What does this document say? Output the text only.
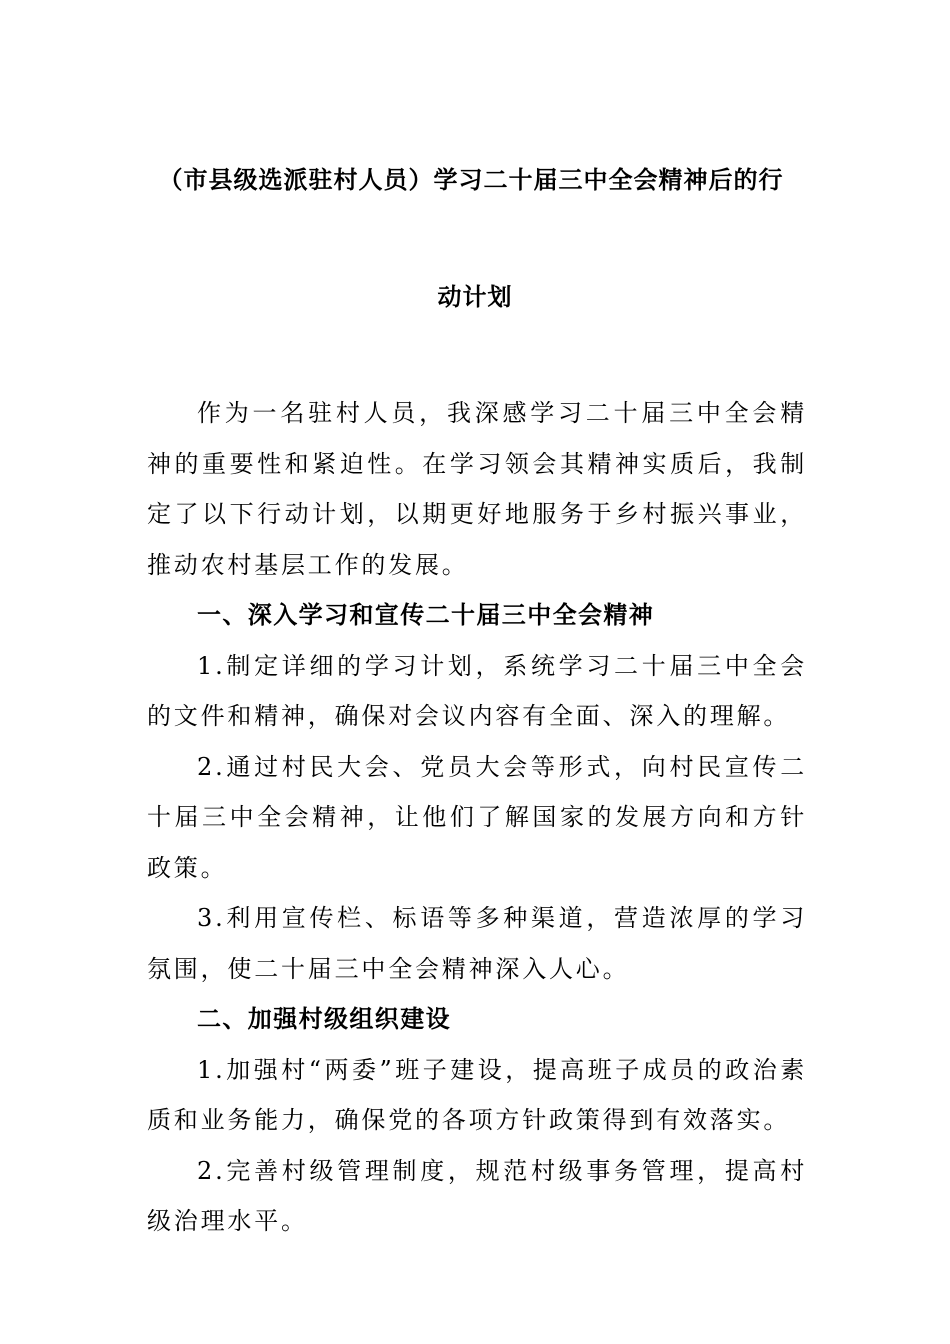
（市县级选派驻村人员）学习二十届三中全会精神后的行
动计划

作为一名驻村人员，我深感学习二十届三中全会精神的重要性和紧迫性。在学习领会其精神实质后，我制定了以下行动计划，以期更好地服务于乡村振兴事业，推动农村基层工作的发展。

一、深入学习和宣传二十届三中全会精神

1.制定详细的学习计划，系统学习二十届三中全会的文件和精神，确保对会议内容有全面、深入的理解。

2.通过村民大会、党员大会等形式，向村民宣传二十届三中全会精神，让他们了解国家的发展方向和方针政策。

3.利用宣传栏、标语等多种渠道，营造浓厚的学习氛围，使二十届三中全会精神深入人心。

二、加强村级组织建设

1.加强村“两委”班子建设，提高班子成员的政治素质和业务能力，确保党的各项方针政策得到有效落实。

2.完善村级管理制度，规范村级事务管理，提高村级治理水平。
